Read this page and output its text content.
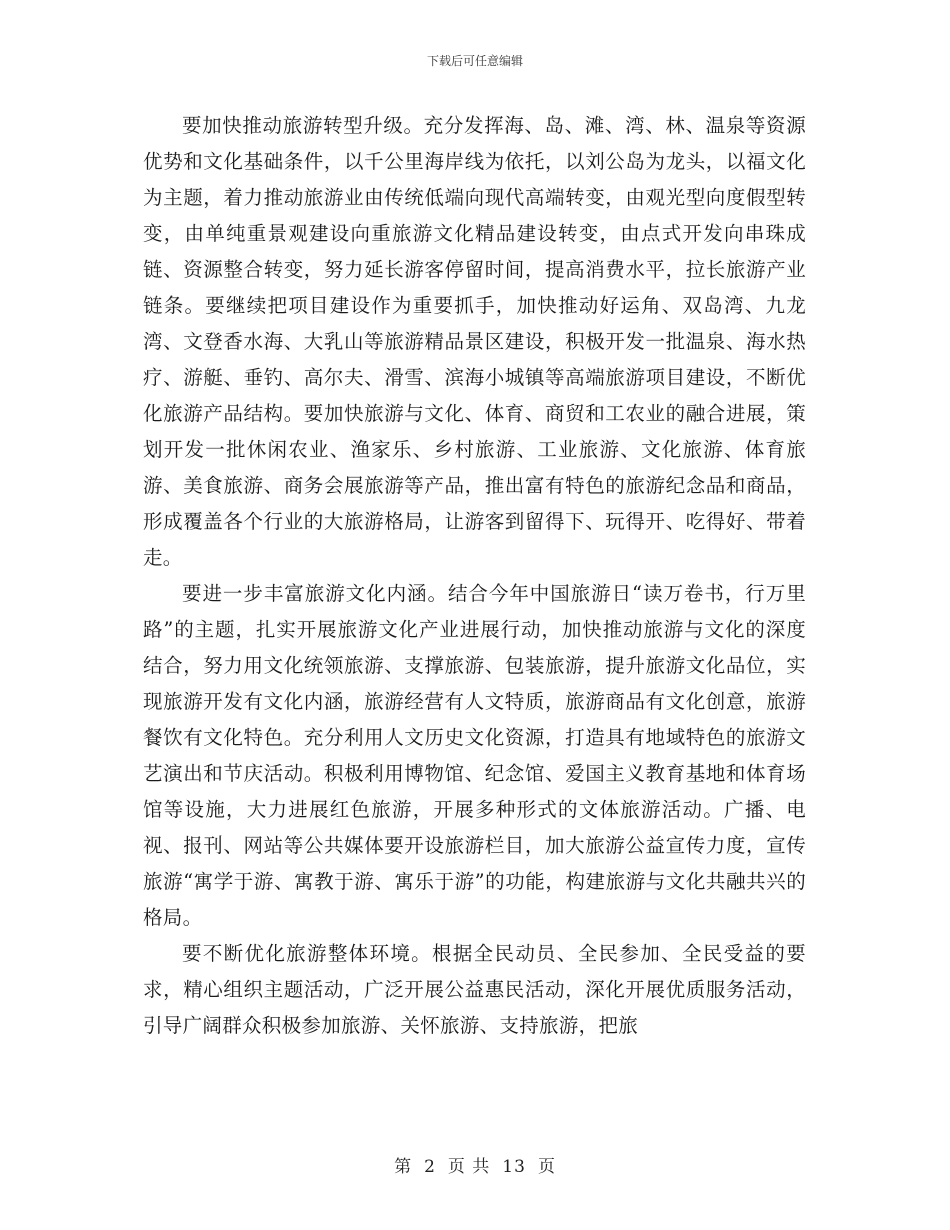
下载后可任意编辑

要加快推动旅游转型升级。充分发挥海、岛、滩、湾、林、温泉等资源优势和文化基础条件，以千公里海岸线为依托，以刘公岛为龙头，以福文化为主题，着力推动旅游业由传统低端向现代高端转变，由观光型向度假型转变，由单纯重景观建设向重旅游文化精品建设转变，由点式开发向串珠成链、资源整合转变，努力延长游客停留时间，提高消费水平，拉长旅游产业链条。要继续把项目建设作为重要抓手，加快推动好运角、双岛湾、九龙湾、文登香水海、大乳山等旅游精品景区建设，积极开发一批温泉、海水热疗、游艇、垂钓、高尔夫、滑雪、滨海小城镇等高端旅游项目建设，不断优化旅游产品结构。要加快旅游与文化、体育、商贸和工农业的融合进展，策划开发一批休闲农业、渔家乐、乡村旅游、工业旅游、文化旅游、体育旅游、美食旅游、商务会展旅游等产品，推出富有特色的旅游纪念品和商品，形成覆盖各个行业的大旅游格局，让游客到留得下、玩得开、吃得好、带着走。

要进一步丰富旅游文化内涵。结合今年中国旅游日“读万卷书，行万里路”的主题，扎实开展旅游文化产业进展行动，加快推动旅游与文化的深度结合，努力用文化统领旅游、支撑旅游、包装旅游，提升旅游文化品位，实现旅游开发有文化内涵，旅游经营有人文特质，旅游商品有文化创意，旅游餐饮有文化特色。充分利用人文历史文化资源，打造具有地域特色的旅游文艺演出和节庆活动。积极利用博物馆、纪念馆、爱国主义教育基地和体育场馆等设施，大力进展红色旅游，开展多种形式的文体旅游活动。广播、电视、报刊、网站等公共媒体要开设旅游栏目，加大旅游公益宣传力度，宣传旅游“寓学于游、寓教于游、寓乐于游”的功能，构建旅游与文化共融共兴的格局。

要不断优化旅游整体环境。根据全民动员、全民参加、全民受益的要求，精心组织主题活动，广泛开展公益惠民活动，深化开展优质服务活动，引导广阔群众积极参加旅游、关怀旅游、支持旅游，把旅

第 2 页 共 13 页
